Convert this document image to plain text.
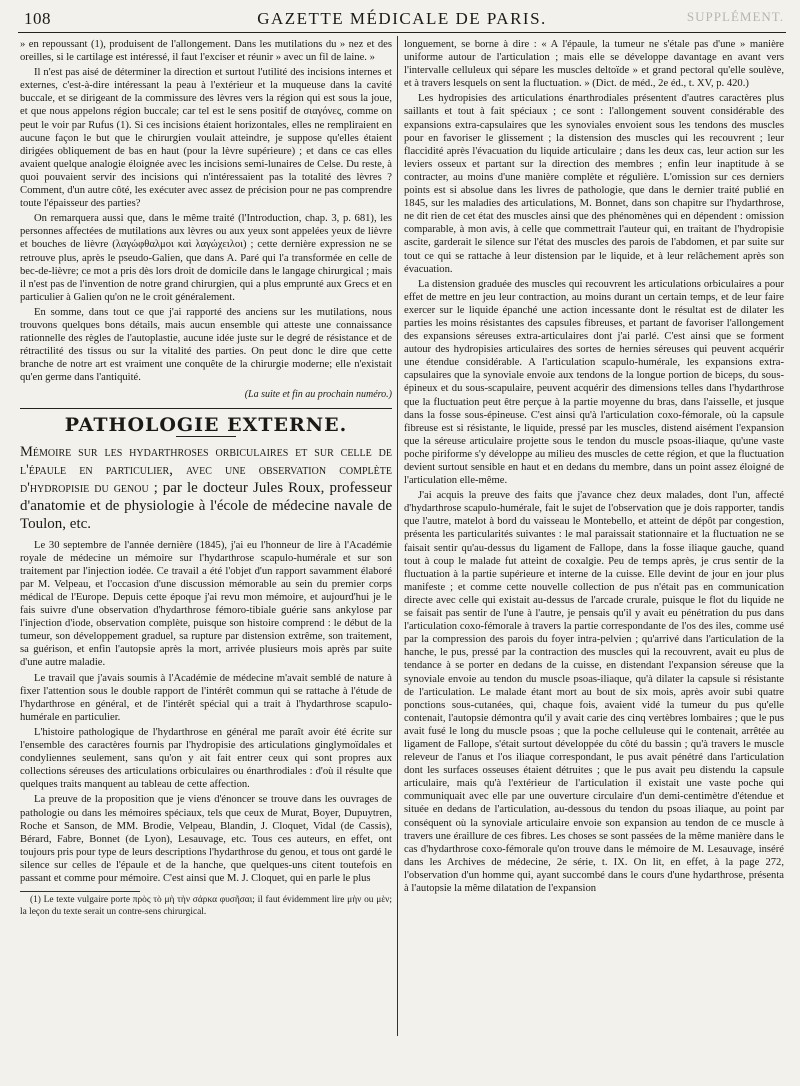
108	GAZETTE MÉDICALE DE PARIS.	SUPPLÉMENT.

» en repoussant (1), produisent de l'allongement. Dans les mutilations du » nez et des oreilles, si le cartilage est intéressé, il faut l'exciser et réunir » avec un fil de laine. »

Il n'est pas aisé de déterminer la direction et surtout l'utilité des incisions internes et externes, c'est-à-dire intéressant la peau à l'extérieur et la muqueuse dans la cavité buccale, et se dirigeant de la commissure des lèvres vers la région qui est sous la joue, et que nous appelons région buccale; car tel est le sens positif de σιαγόνες, comme on peut le voir par Rufus (1). Si ces incisions étaient horizontales, elles ne rempliraient en aucune façon le but que le chirurgien voulait atteindre, je suppose qu'elles étaient dirigées obliquement de bas en haut (pour la lèvre supérieure) ; et dans ce cas elles avaient quelque analogie éloignée avec les incisions semi-lunaires de Celse. Du reste, à quoi pouvaient servir des incisions qui n'intéressaient pas la totalité des lèvres ? Comment, d'un autre côté, les exécuter avec assez de précision pour ne pas comprendre toute l'épaisseur des parties?

On remarquera aussi que, dans le même traité (l'Introduction, chap. 3, p. 681), les personnes affectées de mutilations aux lèvres ou aux yeux sont appelées yeux de lièvre et bouches de lièvre (λαγώφθαλμοι καὶ λαγώχειλοι) ; cette dernière expression ne se retrouve plus, après le pseudo-Galien, que dans A. Paré qui l'a transformée en celle de bec-de-lièvre; ce mot a pris dès lors droit de domicile dans le langage chirurgical ; mais il n'est pas de l'invention de notre grand chirurgien, qui a plus emprunté aux Grecs et en particulier à Galien qu'on ne le croit généralement.

En somme, dans tout ce que j'ai rapporté des anciens sur les mutilations, nous trouvons quelques bons détails, mais aucun ensemble qui atteste une connaissance rationnelle des règles de l'autoplastie, aucune idée juste sur le degré de résistance et de rétractilité des tissus ou sur la vitalité des parties. On peut donc le dire que cette branche de notre art est vraiment une conquête de la chirurgie moderne; elle n'existait qu'en germe dans l'antiquité.

(La suite et fin au prochain numéro.)
PATHOLOGIE EXTERNE.
Mémoire sur les hydarthroses orbiculaires et sur celle de l'épaule en particulier, avec une observation complète d'hydropisie du genou ; par le docteur Jules Roux, professeur d'anatomie et de physiologie à l'école de médecine navale de Toulon, etc.

Le 30 septembre de l'année dernière (1845), j'ai eu l'honneur de lire à l'Académie royale de médecine un mémoire sur l'hydarthrose scapulo-humérale et sur son traitement par l'injection iodée. Ce travail a été l'objet d'un rapport savamment élaboré par M. Velpeau, et l'occasion d'une discussion mémorable au sein du premier corps médical de l'Europe. Depuis cette époque j'ai revu mon mémoire, et aujourd'hui je le fais suivre d'une observation d'hydarthrose fémoro-tibiale guérie sans ankylose par l'injection d'iode, observation complète, puisque son histoire comprend : le début de la tumeur, son développement graduel, sa rupture par distension extrême, son traitement, sa guérison, et enfin l'autopsie après la mort, arrivée plusieurs mois après par suite d'une autre maladie.

Le travail que j'avais soumis à l'Académie de médecine m'avait semblé de nature à fixer l'attention sous le double rapport de l'intérêt commun qui se rattache à l'étude de l'hydarthrose en général, et de l'intérêt spécial qui a trait à l'hydarthrose scapulo-humérale en particulier.

L'histoire pathologique de l'hydarthrose en général me paraît avoir été écrite sur l'ensemble des caractères fournis par l'hydropisie des articulations ginglymoïdales et condyliennes seulement, sans qu'on y ait fait entrer ceux qui sont propres aux collections séreuses des articulations orbiculaires ou énarthrodiales : d'où il résulte que quelques traits manquent au tableau de cette affection.

La preuve de la proposition que je viens d'énoncer se trouve dans les ouvrages de pathologie ou dans les mémoires spéciaux, tels que ceux de Murat, Boyer, Dupuytren, Roche et Sanson, de MM. Brodie, Velpeau, Blandin, J. Cloquet, Vidal (de Cassis), Bérard, Fabre, Bonnet (de Lyon), Lesauvage, etc. Tous ces auteurs, en effet, ont toujours pris pour type de leurs descriptions l'hydarthrose du genou, et tous ont gardé le silence sur celles de l'épaule et de la hanche, que quelques-uns citent toutefois en passant et comme pour mémoire. C'est ainsi que M. J. Cloquet, qui en parle le plus

(1) Le texte vulgaire porte πρὸς τὸ μὴ τὴν σάρκα φυσῆσαι; il faut évidemment lire μὴν ou μὲν; la leçon du texte serait un contre-sens chirurgical.

longuement, se borne à dire : « A l'épaule, la tumeur ne s'étale pas d'une » manière uniforme autour de l'articulation ; mais elle se développe davantage en avant vers l'intervalle celluleux qui sépare les muscles deltoïde » et grand pectoral qu'elle soulève, et à travers lesquels on sent la fluctuation. » (Dict. de méd., 2e éd., t. XV, p. 420.)

Les hydropisies des articulations énarthrodiales présentent d'autres caractères plus saillants et tout à fait spéciaux ; ce sont : l'allongement souvent considérable des expansions extra-capsulaires que les synoviales envoient sous les tendons des muscles pour en favoriser le glissement ; la distension des muscles qui les recouvrent ; leur flaccidité après l'évacuation du liquide articulaire ; dans les deux cas, leur action sur les leviers osseux et partant sur la direction des membres ; enfin leur inaptitude à se contracter, au moins d'une manière complète et régulière. L'omission sur ces derniers points est si absolue dans les livres de pathologie, que dans le dernier traité publié en 1845, sur les maladies des articulations, M. Bonnet, dans son chapitre sur l'hydarthrose, ne dit rien de cet état des muscles ainsi que des phénomènes qui en dépendent : omission comparable, à mon avis, à celle que commettrait l'auteur qui, en traitant de l'hydropisie ascite, garderait le silence sur l'état des muscles des parois de l'abdomen, et par suite sur tout ce qui se rattache à leur distension par le liquide, et à leur relâchement après son évacuation.

La distension graduée des muscles qui recouvrent les articulations orbiculaires a pour effet de mettre en jeu leur contraction, au moins durant un certain temps, et de leur faire exercer sur le liquide épanché une action incessante dont le résultat est de dilater les parties les moins résistantes des capsules fibreuses, et partant de favoriser l'allongement des expansions séreuses extra-articulaires dont j'ai parlé. C'est ainsi que se forment autour des hydropisies articulaires des sortes de hernies séreuses qui peuvent acquérir une étendue considérable. A l'articulation scapulo-humérale, les expansions extra-capsulaires que la synoviale envoie aux tendons de la longue portion de biceps, du sous-épineux et du sous-scapulaire, peuvent acquérir des dimensions telles dans l'hydarthrose que la fluctuation peut être perçue à la partie moyenne du bras, dans l'aisselle, et jusque dans la fosse sous-épineuse. C'est ainsi qu'à l'articulation coxo-fémorale, où la capsule fibreuse est si résistante, le liquide, pressé par les muscles, distend aisément l'expansion que la séreuse articulaire projette sous le tendon du muscle psoas-iliaque, qu'une vaste poche piriforme s'y développe au milieu des muscles de cette région, et que la fluctuation devient surtout sensible en haut et en dedans du membre, dans un point assez éloigné de l'articulation elle-même.

J'ai acquis la preuve des faits que j'avance chez deux malades, dont l'un, affecté d'hydarthrose scapulo-humérale, fait le sujet de l'observation que je dois rapporter, tandis que l'autre, matelot à bord du vaisseau le Montebello, et atteint de dépôt par congestion, présenta les particularités suivantes : le mal paraissait stationnaire et la fluctuation ne se faisait sentir qu'au-dessus du ligament de Fallope, dans la fosse iliaque gauche, quand tout à coup le malade fut atteint de coxalgie. Peu de temps après, je crus sentir de la fluctuation à la partie supérieure et interne de la cuisse. Elle devint de jour en jour plus manifeste ; et comme cette nouvelle collection de pus n'était pas en communication directe avec celle qui existait au-dessus de l'arcade crurale, puisque le flot du liquide ne se faisait pas sentir de l'une à l'autre, je pensais qu'il y avait eu pénétration du pus dans l'articulation coxo-fémorale à travers la partie correspondante de l'os des iles, comme usé par la compression des parois du foyer intra-pelvien ; qu'arrivé dans l'articulation de la hanche, le pus, pressé par la contraction des muscles qui la recouvrent, avait eu plus de tendance à se porter en dedans de la cuisse, en distendant l'expansion séreuse que la synoviale envoie au tendon du muscle psoas-iliaque, qu'à dilater la capsule si résistante de l'articulation. Le malade étant mort au bout de six mois, après avoir subi quatre ponctions sous-cutanées, qui, chaque fois, avaient vidé la tumeur du pus qu'elle contenait, l'autopsie démontra qu'il y avait carie des cinq vertèbres lombaires ; que le pus avait fusé le long du muscle psoas ; que la poche celluleuse qui le contenait, arrêtée au ligament de Fallope, s'était surtout développée du côté du bassin ; qu'à travers le muscle releveur de l'anus et l'os iliaque correspondant, le pus avait pénétré dans l'articulation dont les surfaces osseuses étaient détruites ; que le pus avait peu distendu la capsule articulaire, mais qu'à l'extérieur de l'articulation il existait une vaste poche qui communiquait avec elle par une ouverture circulaire d'un demi-centimètre d'étendue et située en dedans de l'articulation, au-dessous du tendon du psoas iliaque, au point par conséquent où la synoviale articulaire envoie son expansion au tendon de ce muscle à travers une éraillure de ces fibres. Les choses se sont passées de la même manière dans le cas d'hydarthrose coxo-fémorale qu'on trouve dans le mémoire de M. Lesauvage, inséré dans les Archives de médecine, 2e série, t. IX. On lit, en effet, à la page 272, l'observation d'un homme qui, ayant succombé dans le cours d'une hydarthrose, présenta à l'autopsie la même dilatation de l'expansion
